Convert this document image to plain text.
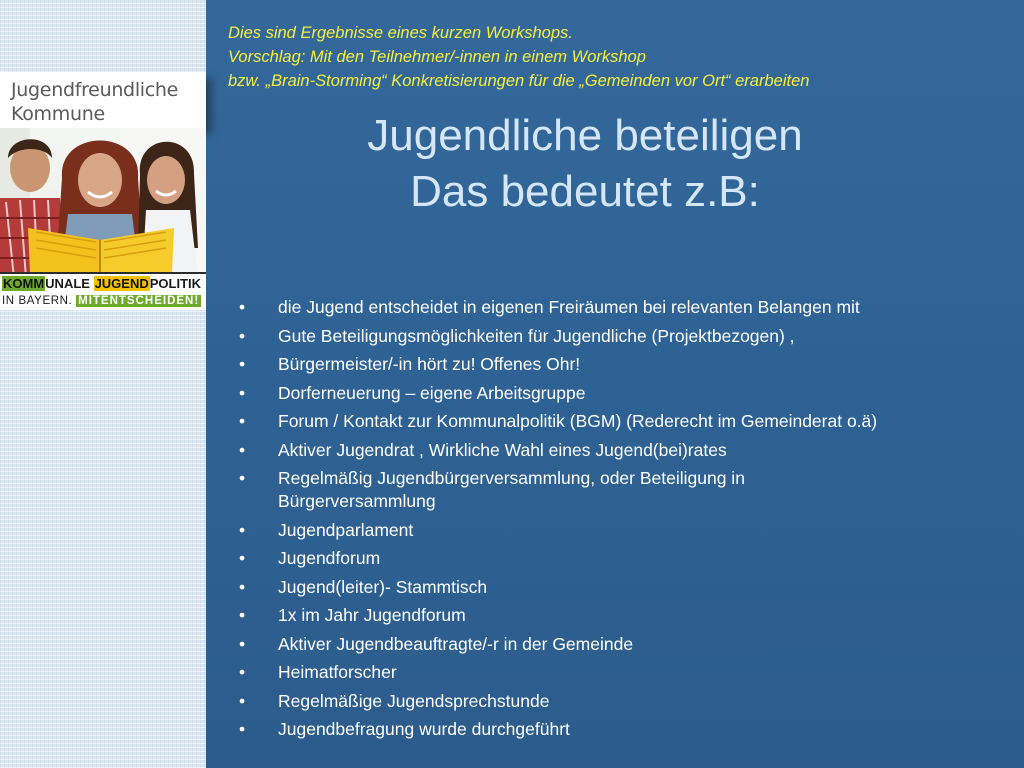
Jugendfreundliche
Kommune
KOMMUNALE JUGENDPOLITIK
IN BAYERN. MITENTSCHEIDEN!
Dies sind Ergebnisse eines kurzen Workshops.
Vorschlag: Mit den Teilnehmer/-innen in einem Workshop
bzw. „Brain-Storming“ Konkretisierungen für die „Gemeinden vor Ort“ erarbeiten
Jugendliche beteiligen
Das bedeutet z.B:
• die Jugend entscheidet in eigenen Freiräumen bei relevanten Belangen mit
• Gute Beteiligungsmöglichkeiten für Jugendliche (Projektbezogen) ,
• Bürgermeister/-in hört zu! Offenes Ohr!
• Dorferneuerung – eigene Arbeitsgruppe
• Forum / Kontakt zur Kommunalpolitik (BGM) (Rederecht im Gemeinderat o.ä)
• Aktiver Jugendrat , Wirkliche Wahl eines Jugend(bei)rates
• Regelmäßig Jugendbürgerversammlung, oder Beteiligung in Bürgerversammlung
• Jugendparlament
• Jugendforum
• Jugend(leiter)- Stammtisch
• 1x im Jahr Jugendforum
• Aktiver Jugendbeauftragte/-r in der Gemeinde
• Heimatforscher
• Regelmäßige Jugendsprechstunde
• Jugendbefragung wurde durchgeführt
